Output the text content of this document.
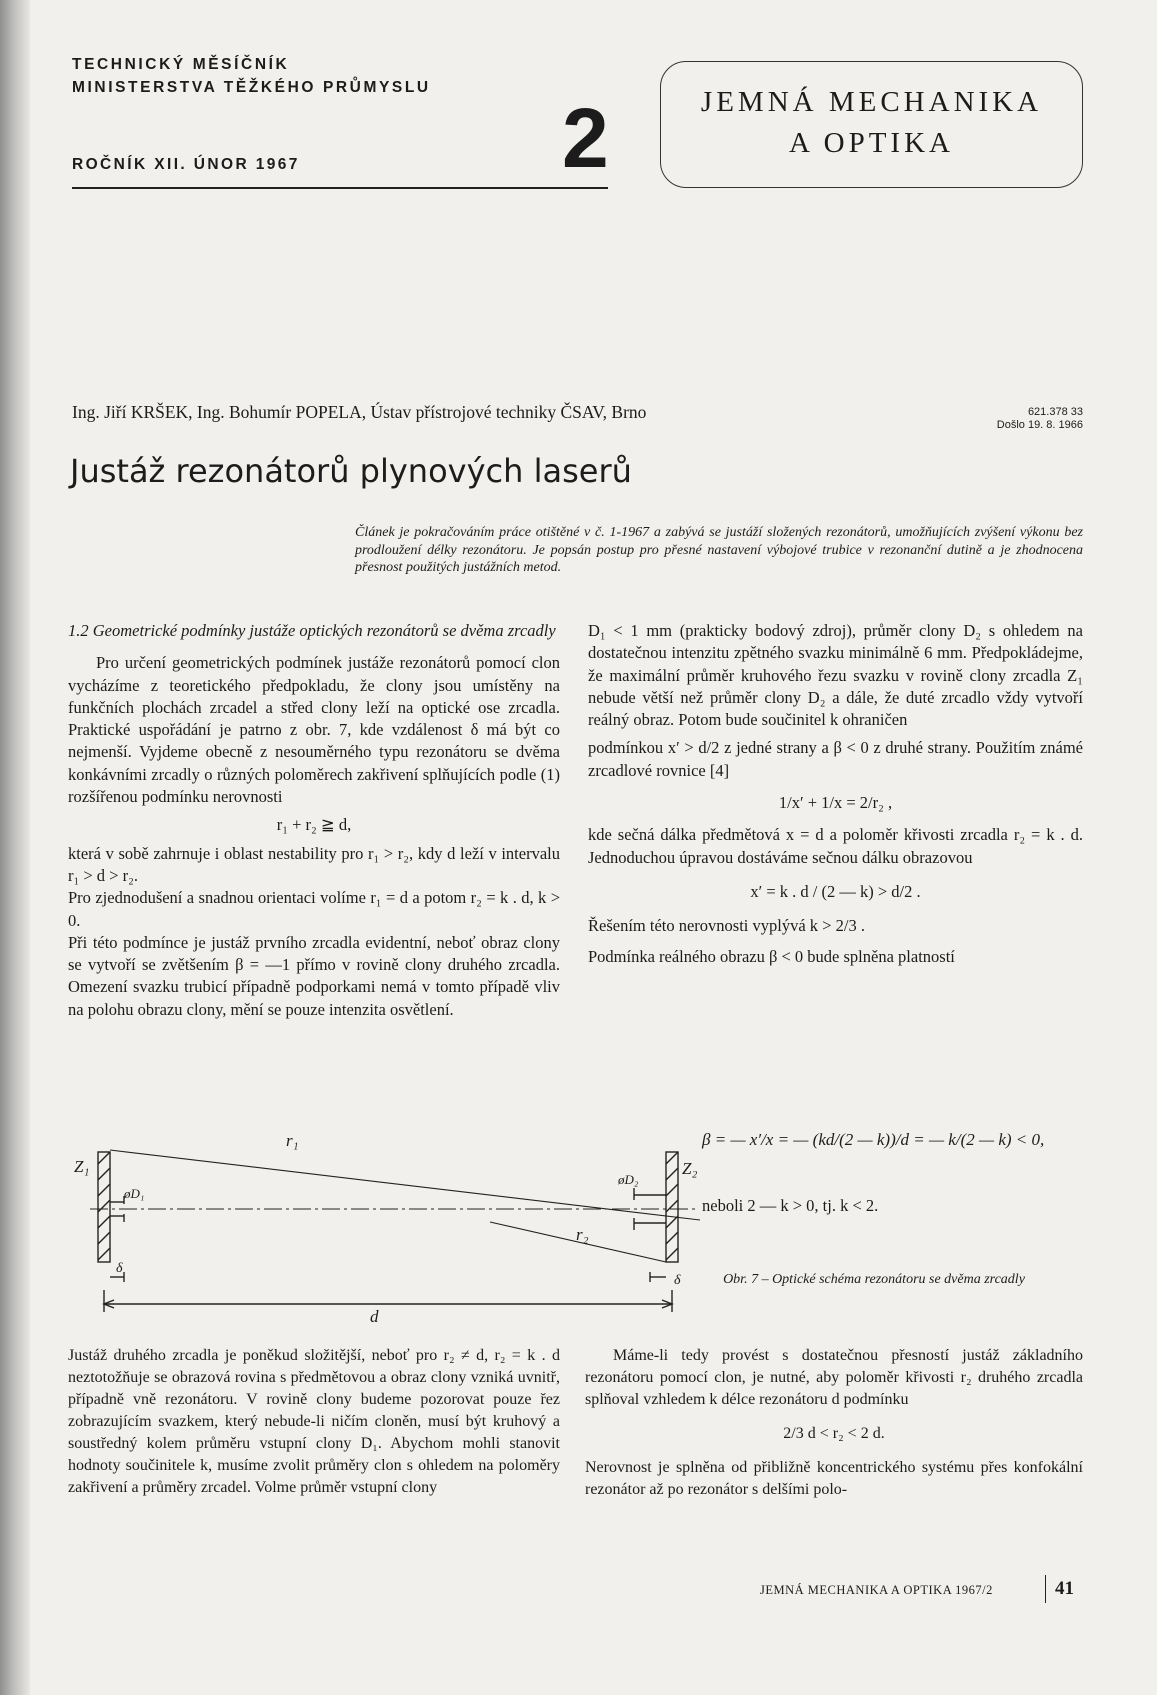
TECHNICKÝ MĚSÍČNÍK
MINISTERSTVA TĚŽKÉHO PRŮMYSLU
ROČNÍK XII. ÚNOR 1967	2	JEMNÁ MECHANIKA
A OPTIKA
Ing. Jiří KRŠEK, Ing. Bohumír POPELA, Ústav přístrojové techniky ČSAV, Brno	621.378 33
Došlo 19. 8. 1966
Justáž rezonátorů plynových laserů
Článek je pokračováním práce otištěné v č. 1-1967 a zabývá se justáží složených rezonátorů, umožňujících zvýšení výkonu bez prodloužení délky rezonátoru. Je popsán postup pro přesné nastavení výbojové trubice v rezonanční dutině a je zhodnocena přesnost použitých justážních metod.

1.2 Geometrické podmínky justáže optických rezonátorů se dvěma zrcadly

Pro určení geometrických podmínek justáže rezonátorů pomocí clon vycházíme z teoretického předpokladu, že clony jsou umístěny na funkčních plochách zrcadel a střed clony leží na optické ose zrcadla. Praktické uspořádání je patrno z obr. 7, kde vzdálenost δ má být co nejmenší. Vyjdeme obecně z nesouměrného typu rezonátoru se dvěma konkávními zrcadly o různých poloměrech zakřivení splňujících podle (1) rozšířenou podmínku nerovnosti

r₁ + r₂ ≧ d,

která v sobě zahrnuje i oblast nestability pro r₁ > r₂, kdy d leží v intervalu r₁ > d > r₂.

Pro zjednodušení a snadnou orientaci volíme r₁ = d a potom r₂ = k . d, k > 0.

Při této podmínce je justáž prvního zrcadla evidentní, neboť obraz clony se vytvoří se zvětšením β = —1 přímo v rovině clony druhého zrcadla. Omezení svazku trubicí případně podporkami nemá v tomto případě vliv na polohu obrazu clony, mění se pouze intenzita osvětlení.

D₁ < 1 mm (prakticky bodový zdroj), průměr clony D₂ s ohledem na dostatečnou intenzitu zpětného svazku minimálně 6 mm. Předpokládejme, že maximální průměr kruhového řezu svazku v rovině clony zrcadla Z₁ nebude větší než průměr clony D₂ a dále, že duté zrcadlo vždy vytvoří reálný obraz. Potom bude součinitel k ohraničen

podmínkou x′ > d/2 z jedné strany a β < 0 z druhé strany. Použitím známé zrcadlové rovnice [4]

1/x′ + 1/x = 2/r₂ ,

kde sečná dálka předmětová x = d a poloměr křivosti zrcadla r₂ = k . d. Jednoduchou úpravou dostáváme sečnou dálku obrazovou

x′ = k . d / (2 — k) > d/2 .

Řešením této nerovnosti vyplývá k > 2/3 .

Podmínka reálného obrazu β < 0 bude splněna platností

Z₁	Z₂
øD₁
øD₂
r₁
r₂
d
δ
δ
β = — x′/x = — (kd/(2 — k))/d = — k/(2 — k) < 0,
neboli 2 — k > 0, tj. k < 2.
Obr. 7 – Optické schéma rezonátoru se dvěma zrcadly

Justáž druhého zrcadla je poněkud složitější, neboť pro r₂ ≠ d, r₂ = k . d neztotožňuje se obrazová rovina s předmětovou a obraz clony vzniká uvnitř, případně vně rezonátoru. V rovině clony budeme pozorovat pouze řez zobrazujícím svazkem, který nebude-li ničím cloněn, musí být kruhový a soustředný kolem průměru vstupní clony D₁. Abychom mohli stanovit hodnoty součinitele k, musíme zvolit průměry clon s ohledem na poloměry zakřivení a průměry zrcadel. Volme průměr vstupní clony

Máme-li tedy provést s dostatečnou přesností justáž základního rezonátoru pomocí clon, je nutné, aby poloměr křivosti r₂ druhého zrcadla splňoval vzhledem k délce rezonátoru d podmínku

2/3 d < r₂ < 2 d.

Nerovnost je splněna od přibližně koncentrického systému přes konfokální rezonátor až po rezonátor s delšími polo-

JEMNÁ MECHANIKA A OPTIKA 1967/2	41
